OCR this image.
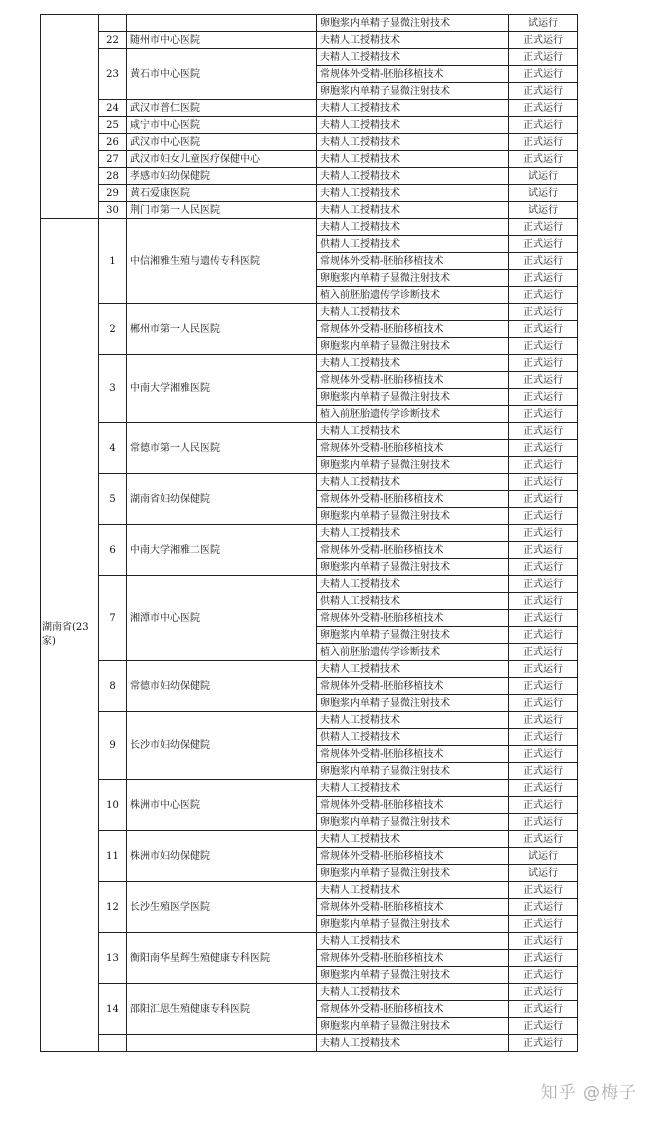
			卵胞浆内单精子显微注射技术	试运行
	22	随州市中心医院	夫精人工授精技术	正式运行
	23	黄石市中心医院	夫精人工授精技术	正式运行
			常规体外受精-胚胎移植技术	正式运行
			卵胞浆内单精子显微注射技术	正式运行
	24	武汉市普仁医院	夫精人工授精技术	正式运行
	25	咸宁市中心医院	夫精人工授精技术	正式运行
	26	武汉市中心医院	夫精人工授精技术	正式运行
	27	武汉市妇女儿童医疗保健中心	夫精人工授精技术	正式运行
	28	孝感市妇幼保健院	夫精人工授精技术	试运行
	29	黄石爱康医院	夫精人工授精技术	试运行
	30	荆门市第一人民医院	夫精人工授精技术	试运行
湖南省(23家)	1	中信湘雅生殖与遗传专科医院	夫精人工授精技术	正式运行
			供精人工授精技术	正式运行
			常规体外受精-胚胎移植技术	正式运行
			卵胞浆内单精子显微注射技术	正式运行
			植入前胚胎遗传学诊断技术	正式运行
	2	郴州市第一人民医院	夫精人工授精技术	正式运行
			常规体外受精-胚胎移植技术	正式运行
			卵胞浆内单精子显微注射技术	正式运行
	3	中南大学湘雅医院	夫精人工授精技术	正式运行
			常规体外受精-胚胎移植技术	正式运行
			卵胞浆内单精子显微注射技术	正式运行
			植入前胚胎遗传学诊断技术	正式运行
	4	常德市第一人民医院	夫精人工授精技术	正式运行
			常规体外受精-胚胎移植技术	正式运行
			卵胞浆内单精子显微注射技术	正式运行
	5	湖南省妇幼保健院	夫精人工授精技术	正式运行
			常规体外受精-胚胎移植技术	正式运行
			卵胞浆内单精子显微注射技术	正式运行
	6	中南大学湘雅二医院	夫精人工授精技术	正式运行
			常规体外受精-胚胎移植技术	正式运行
			卵胞浆内单精子显微注射技术	正式运行
	7	湘潭市中心医院	夫精人工授精技术	正式运行
			供精人工授精技术	正式运行
			常规体外受精-胚胎移植技术	正式运行
			卵胞浆内单精子显微注射技术	正式运行
			植入前胚胎遗传学诊断技术	正式运行
	8	常德市妇幼保健院	夫精人工授精技术	正式运行
			常规体外受精-胚胎移植技术	正式运行
			卵胞浆内单精子显微注射技术	正式运行
	9	长沙市妇幼保健院	夫精人工授精技术	正式运行
			供精人工授精技术	正式运行
			常规体外受精-胚胎移植技术	正式运行
			卵胞浆内单精子显微注射技术	正式运行
	10	株洲市中心医院	夫精人工授精技术	正式运行
			常规体外受精-胚胎移植技术	正式运行
			卵胞浆内单精子显微注射技术	正式运行
	11	株洲市妇幼保健院	夫精人工授精技术	正式运行
			常规体外受精-胚胎移植技术	试运行
			卵胞浆内单精子显微注射技术	试运行
	12	长沙生殖医学医院	夫精人工授精技术	正式运行
			常规体外受精-胚胎移植技术	正式运行
			卵胞浆内单精子显微注射技术	正式运行
	13	衡阳南华星辉生殖健康专科医院	夫精人工授精技术	正式运行
			常规体外受精-胚胎移植技术	正式运行
			卵胞浆内单精子显微注射技术	正式运行
	14	邵阳汇思生殖健康专科医院	夫精人工授精技术	正式运行
			常规体外受精-胚胎移植技术	正式运行
			卵胞浆内单精子显微注射技术	正式运行
			夫精人工授精技术	正式运行
知乎 @梅子
